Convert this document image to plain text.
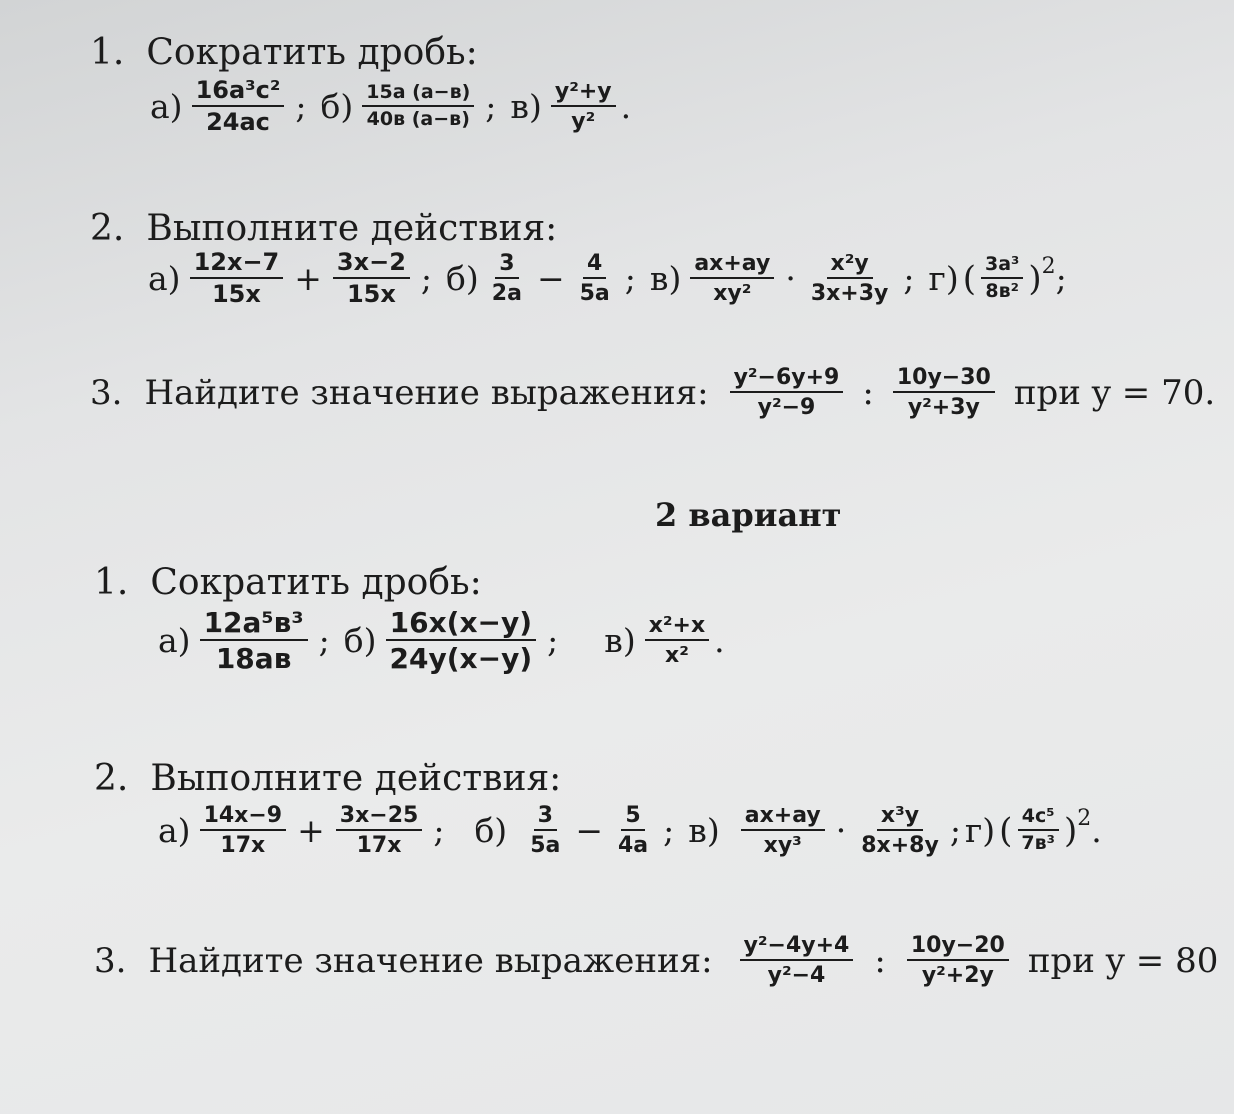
1. Сократить дробь:
$а) \frac{\text{16a³c²}}{24ac}$ ; $б) \frac{15а (а-в)}{40в (а-в)}$ ; $в) \frac{\text{y²+y}}{\text{y²}}$ .
2. Выполните действия:
$а) \frac{12x-7}{15x} + \frac{3x-2}{15x}$ ; $б) \frac{3}{2a} - \frac{4}{5a}$ ; $в) \frac{ax+ay}{\text{xy²}} \cdot \frac{\text{x²y}}{3x+3y}$ ; г) ( $\frac{\text{3a³}}{\text{8в²}}$ ) 2 ;
3. Найдите значение выражения: $\frac{\text{y²−6y+9}}{\text{y²−9}}$ : $\frac{10y-30}{\text{y²+3y}}$ при y = 70.
2 вариант
1. Сократить дробь:
$а) \frac{\text{12a⁵в³}}{18ав}$ ; $б) \frac{16x(x-y)}{24y(x-y)}$ ; $в) \frac{\text{x²+x}}{\text{x²}}$ .
2. Выполните действия:
$а) \frac{14x-9}{17x} + \frac{3x-25}{17x}$ ; $б) \frac{3}{5a} - \frac{5}{4a}$ ; $в) \frac{ax+ay}{\text{xy³}} \cdot \frac{\text{x³y}}{8x+8y}$ ; г) ( $\frac{\text{4c⁵}}{\text{7в³}}$ ) 2 .
3. Найдите значение выражения: $\frac{\text{y²−4y+4}}{\text{y²−4}}$ : $\frac{10y-20}{\text{y²+2y}}$ при y = 80
